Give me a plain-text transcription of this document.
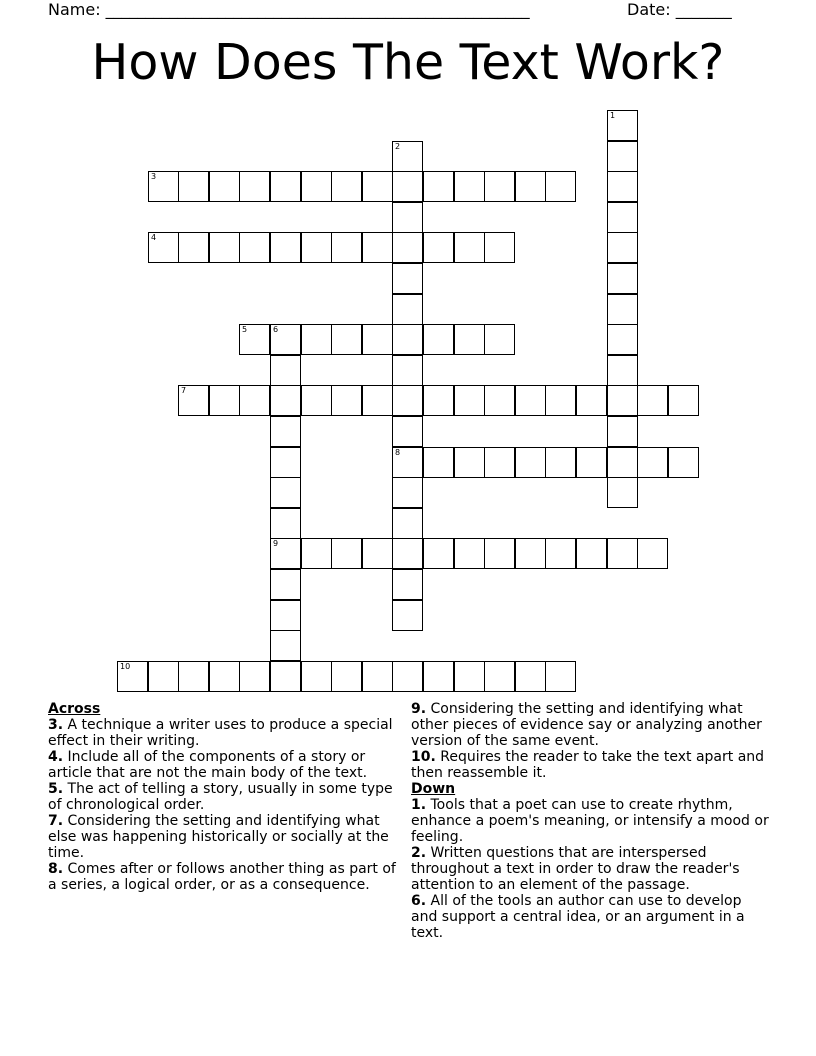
Name: _____________________________________________________	Date: _______
How Does The Text Work?
1
2
8
3
4
5	6
9
7
10
Across
3. A technique a writer uses to produce a special effect in their writing.
4. Include all of the components of a story or article that are not the main body of the text.
5. The act of telling a story, usually in some type of chronological order.
7. Considering the setting and identifying what else was happening historically or socially at the time.
8. Comes after or follows another thing as part of a series, a logical order, or as a consequence.
9. Considering the setting and identifying what other pieces of evidence say or analyzing another version of the same event.
10. Requires the reader to take the text apart and then reassemble it.
Down
1. Tools that a poet can use to create rhythm, enhance a poem's meaning, or intensify a mood or feeling.
2. Written questions that are interspersed throughout a text in order to draw the reader's attention to an element of the passage.
6. All of the tools an author can use to develop and support a central idea, or an argument in a text.
